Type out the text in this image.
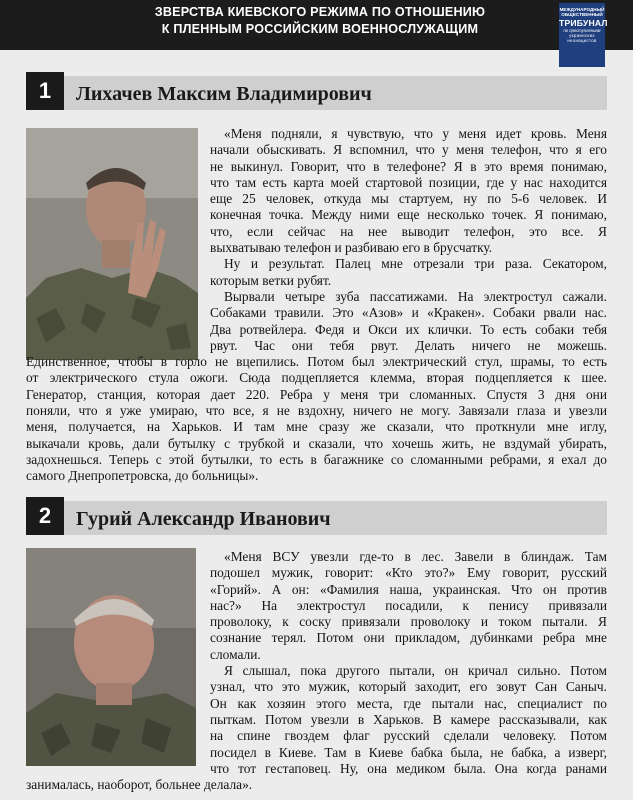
ЗВЕРСТВА КИЕВСКОГО РЕЖИМА ПО ОТНОШЕНИЮ
К ПЛЕННЫМ РОССИЙСКИМ ВОЕННОСЛУЖАЩИМ
МЕЖДУНАРОДНЫЙ
ОБЩЕСТВЕННЫЙ
ТРИБУНАЛ
по преступлениям
украинских
неонацистов
1	Лихачев Максим Владимирович
«Меня подняли, я чувствую, что у меня идет кровь. Меня
начали обыскивать. Я вспомнил, что у меня телефон, что я его
не выкинул. Говорит, что в телефоне? Я в это время понимаю,
что там есть карта моей стартовой позиции, где у нас находится
еще 25 человек, откуда мы стартуем, ну по 5-6 человек. И
конечная точка. Между ними еще несколько точек. Я понимаю,
что, если сейчас на нее выводит телефон, это все. Я
выхватываю телефон и разбиваю его в брусчатку.
Ну и результат. Палец мне отрезали три раза. Секатором,
которым ветки рубят.
Вырвали четыре зуба пассатижами. На электростул сажали.
Собаками травили. Это «Азов» и «Кракен». Собаки рвали нас.
Два ротвейлера. Федя и Окси их клички. То есть собаки тебя
рвут. Час они тебя рвут. Делать ничего не можешь.
Единственное, чтобы в горло не вцепились. Потом был электрический стул, шрамы, то есть
от электрического стула ожоги. Сюда подцепляется клемма, вторая подцепляется к шее.
Генератор, станция, которая дает 220. Ребра у меня три сломанных. Спустя 3 дня они
поняли, что я уже умираю, что все, я не вздохну, ничего не могу. Завязали глаза и увезли
меня, получается, на Харьков. И там мне сразу же сказали, что проткнули мне иглу,
выкачали кровь, дали бутылку с трубкой и сказали, что хочешь жить, не вздумай убирать,
задохнешься. Теперь с этой бутылки, то есть в багажнике со сломанными ребрами, я ехал до
самого Днепропетровска, до больницы».
2	Гурий Александр Иванович
«Меня ВСУ увезли где-то в лес. Завели в блиндаж. Там
подошел мужик, говорит: «Кто это?» Ему говорит, русский
«Горий». А он: «Фамилия наша, украинская. Что он против
нас?» На электростул посадили, к пенису привязали
проволоку, к соску привязали проволоку и током пытали. Я
сознание терял. Потом они прикладом, дубинками ребра мне
сломали.
Я слышал, пока другого пытали, он кричал сильно. Потом
узнал, что это мужик, который заходит, его зовут Сан Саныч.
Он как хозяин этого места, где пытали нас, специалист по
пыткам. Потом увезли в Харьков. В камере рассказывали, как
на спине гвоздем флаг русский сделали человеку. Потом
посидел в Киеве. Там в Киеве бабка была, не бабка, а изверг,
что тот гестаповец. Ну, она медиком была. Она когда ранами
занималась, наоборот, больнее делала».
